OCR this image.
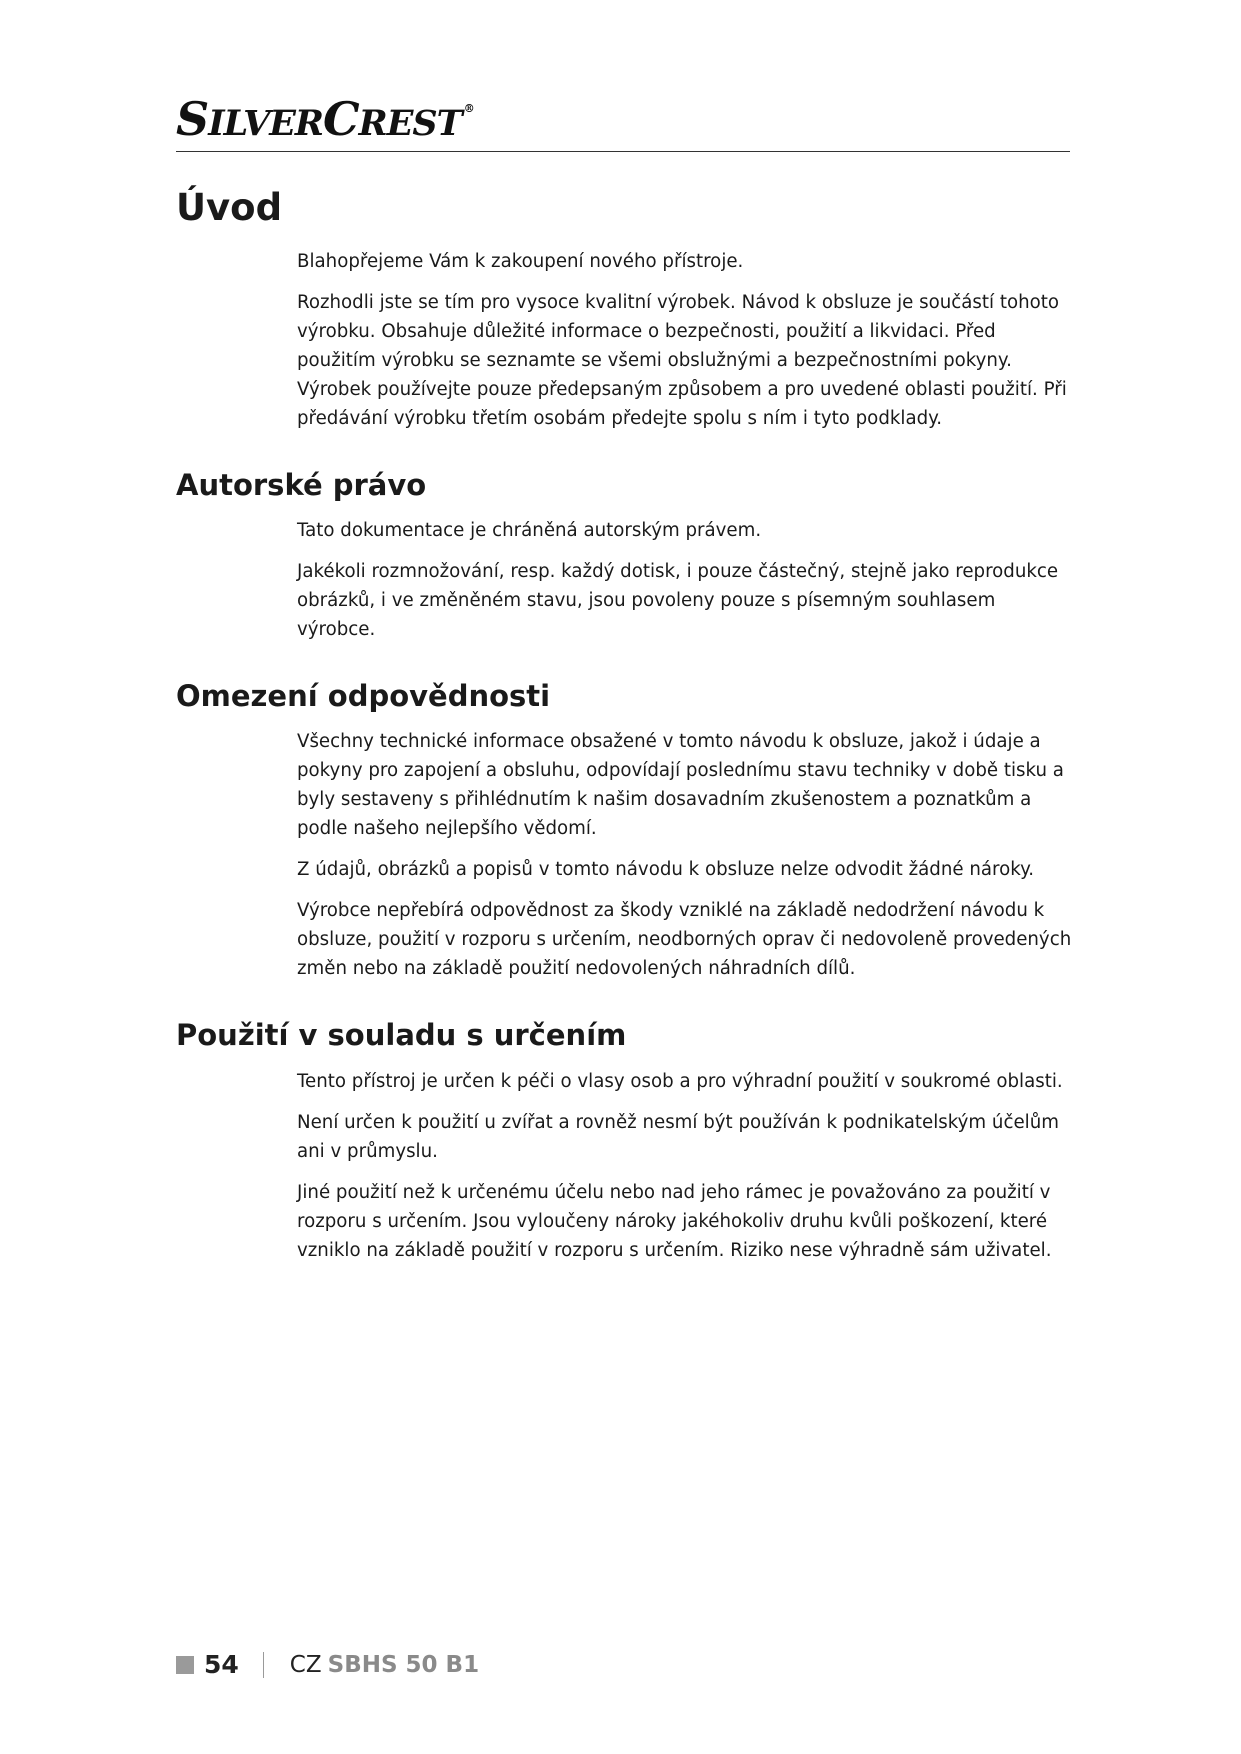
SILVERCREST ®
Úvod

Blahopřejeme Vám k zakoupení nového přístroje.

Rozhodli jste se tím pro vysoce kvalitní výrobek. Návod k obsluze je součástí tohoto výrobku. Obsahuje důležité informace o bezpečnosti, použití a likvidaci. Před použitím výrobku se seznamte se všemi obslužnými a bezpečnostními pokyny. Výrobek používejte pouze předepsaným způsobem a pro uvedené oblasti použití. Při předávání výrobku třetím osobám předejte spolu s ním i tyto podklady.

Autorské právo

Tato dokumentace je chráněná autorským právem.

Jakékoli rozmnožování, resp. každý dotisk, i pouze částečný, stejně jako reprodukce obrázků, i ve změněném stavu, jsou povoleny pouze s písemným souhlasem výrobce.

Omezení odpovědnosti

Všechny technické informace obsažené v tomto návodu k obsluze, jakož i údaje a pokyny pro zapojení a obsluhu, odpovídají poslednímu stavu techniky v době tisku a byly sestaveny s přihlédnutím k našim dosavadním zkušenostem a poznatkům a podle našeho nejlepšího vědomí.

Z údajů, obrázků a popisů v tomto návodu k obsluze nelze odvodit žádné nároky.

Výrobce nepřebírá odpovědnost za škody vzniklé na základě nedodržení návodu k obsluze, použití v rozporu s určením, neodborných oprav či nedovoleně provedených změn nebo na základě použití nedovolených náhradních dílů.

Použití v souladu s určením

Tento přístroj je určen k péči o vlasy osob a pro výhradní použití v soukromé oblasti.

Není určen k použití u zvířat a rovněž nesmí být používán k podnikatelským účelům ani v průmyslu.

Jiné použití než k určenému účelu nebo nad jeho rámec je považováno za použití v rozporu s určením. Jsou vyloučeny nároky jakéhokoliv druhu kvůli poškození, které vzniklo na základě použití v rozporu s určením. Riziko nese výhradně sám uživatel.

54 CZ SBHS 50 B1
